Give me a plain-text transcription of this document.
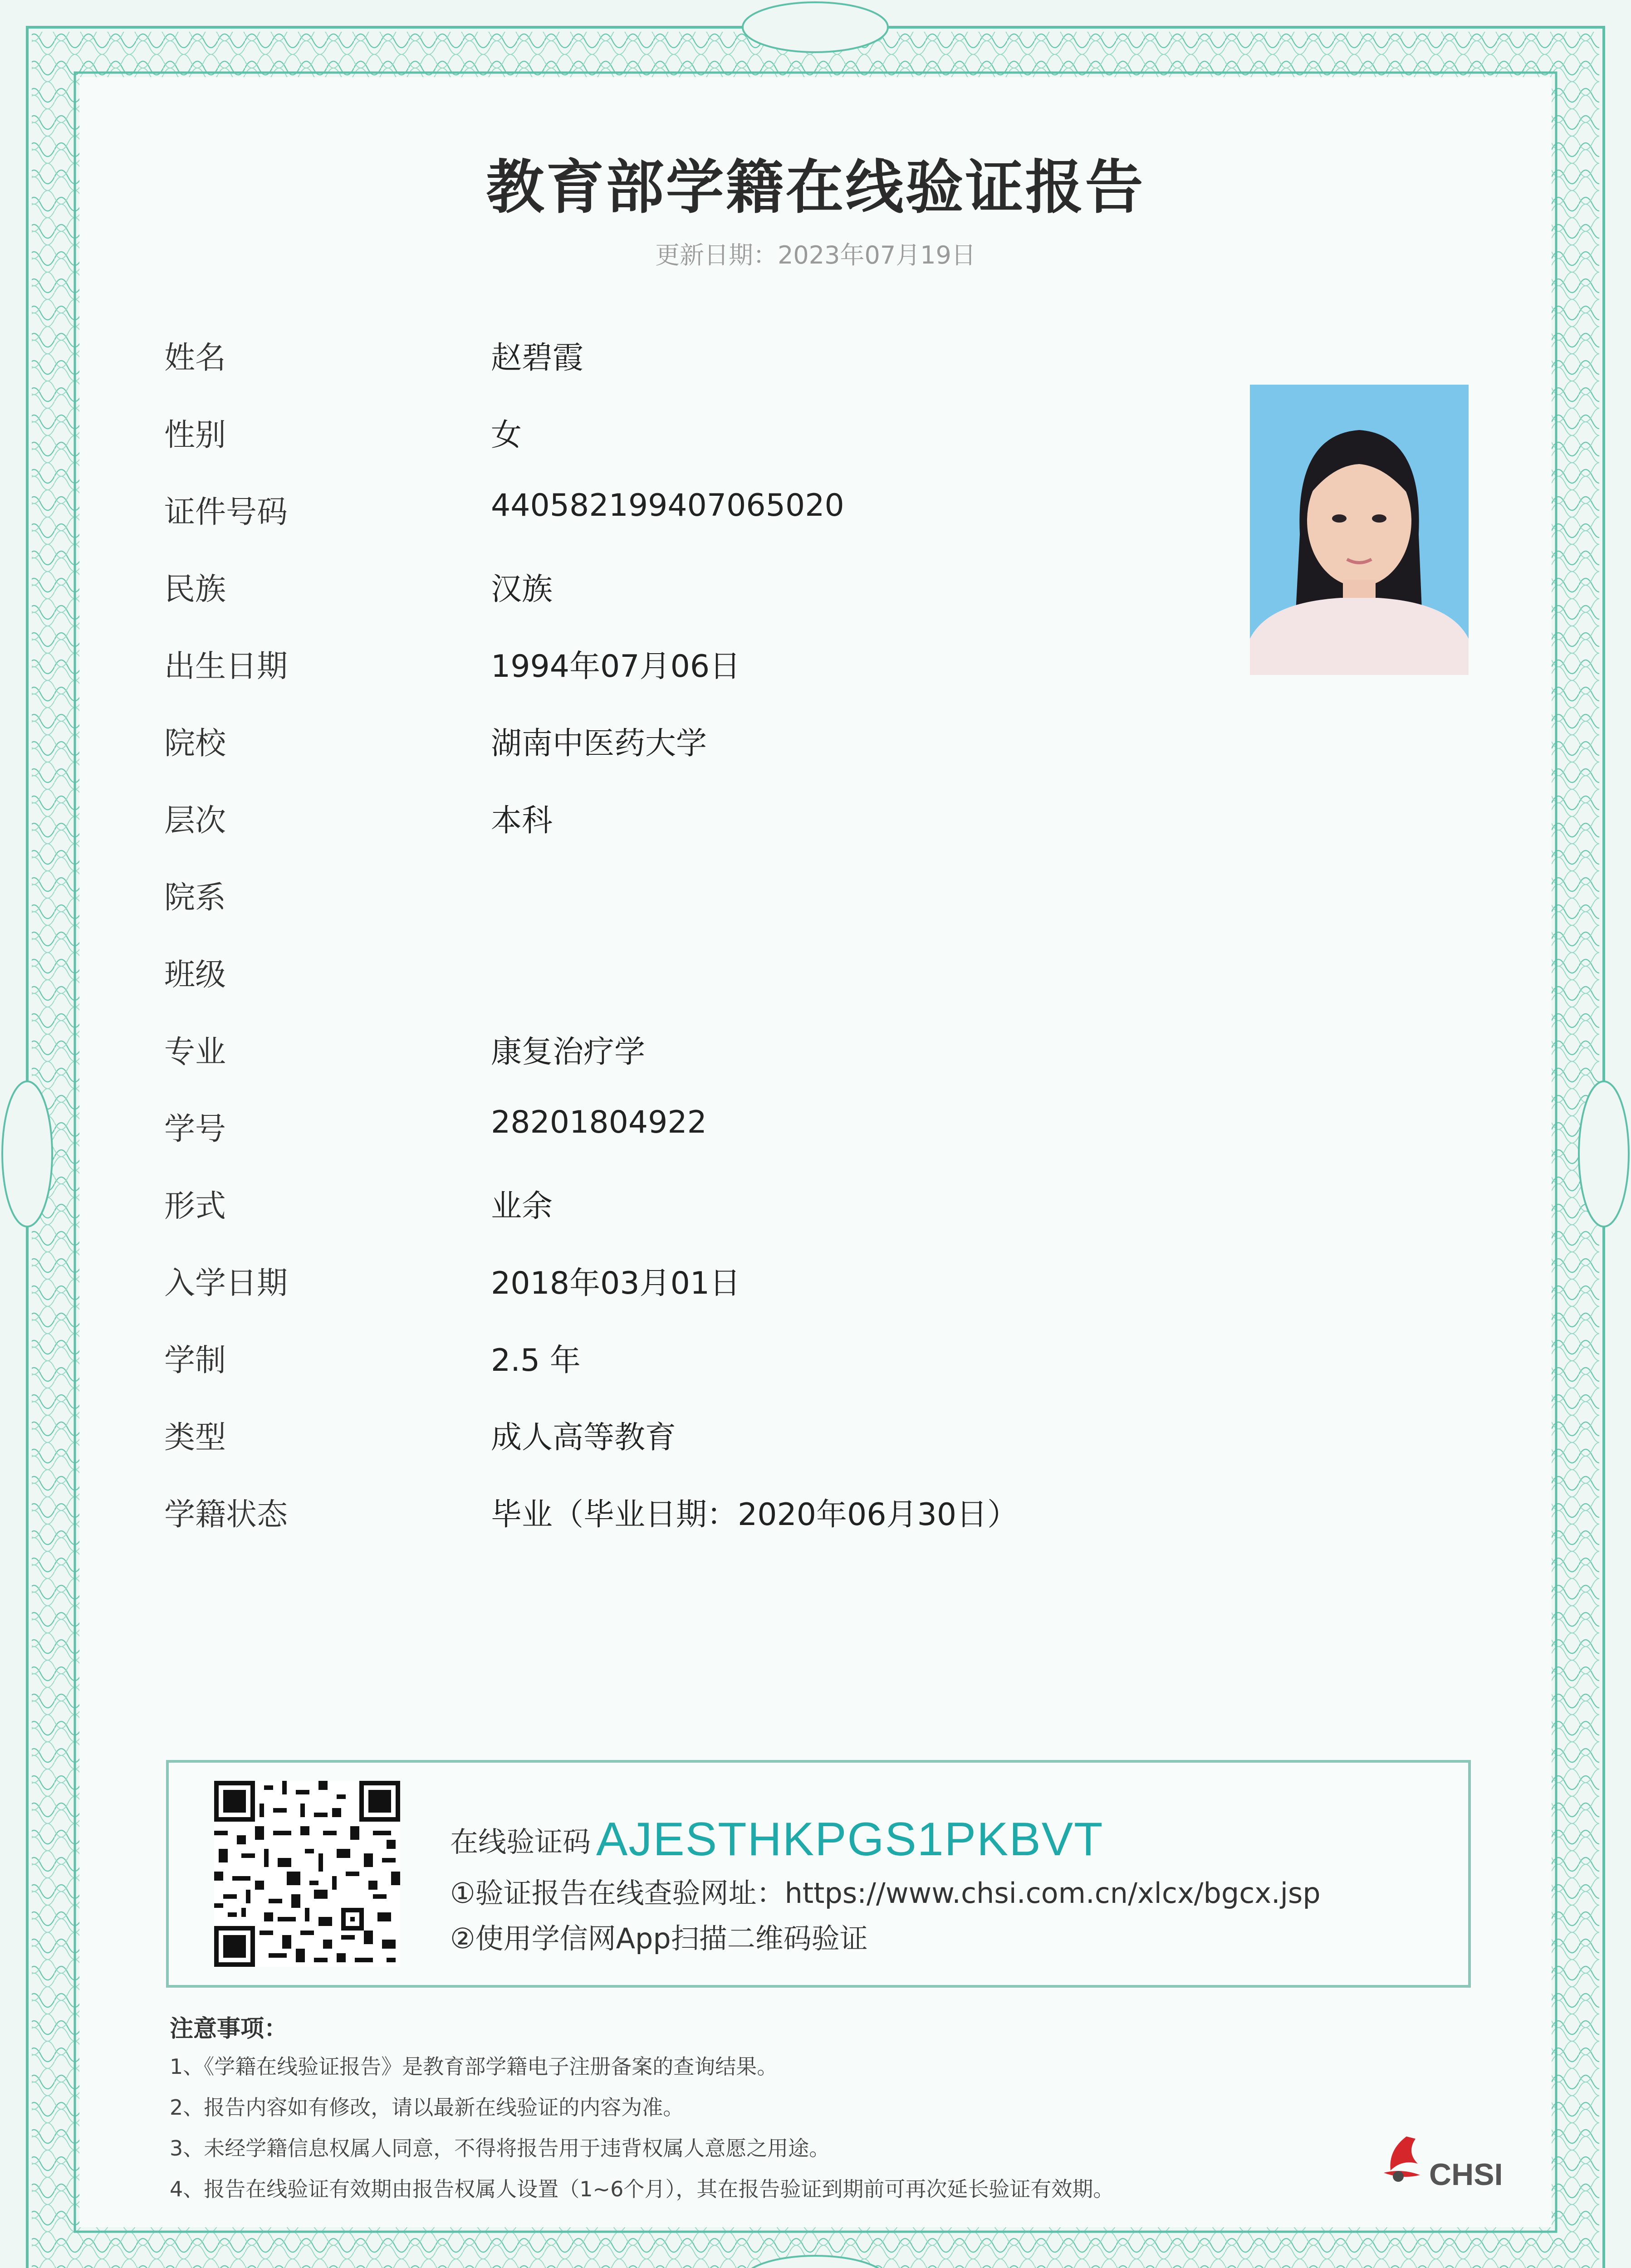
教育部学籍在线验证报告
更新日期：2023年07月19日
姓名	赵碧霞
性别	女
证件号码	440582199407065020
民族	汉族
出生日期	1994年07月06日
院校	湖南中医药大学
层次	本科
院系
班级
专业	康复治疗学
学号	28201804922
形式	业余
入学日期	2018年03月01日
学制	2.5 年
类型	成人高等教育
学籍状态	毕业（毕业日期：2020年06月30日）
在线验证码 AJESTHKPGS1PKBVT
①验证报告在线查验网址：https://www.chsi.com.cn/xlcx/bgcx.jsp
②使用学信网App扫描二维码验证
注意事项：
1、《学籍在线验证报告》是教育部学籍电子注册备案的查询结果。
2、报告内容如有修改，请以最新在线验证的内容为准。
3、未经学籍信息权属人同意，不得将报告用于违背权属人意愿之用途。
4、报告在线验证有效期由报告权属人设置（1~6个月），其在报告验证到期前可再次延长验证有效期。	CHSI
